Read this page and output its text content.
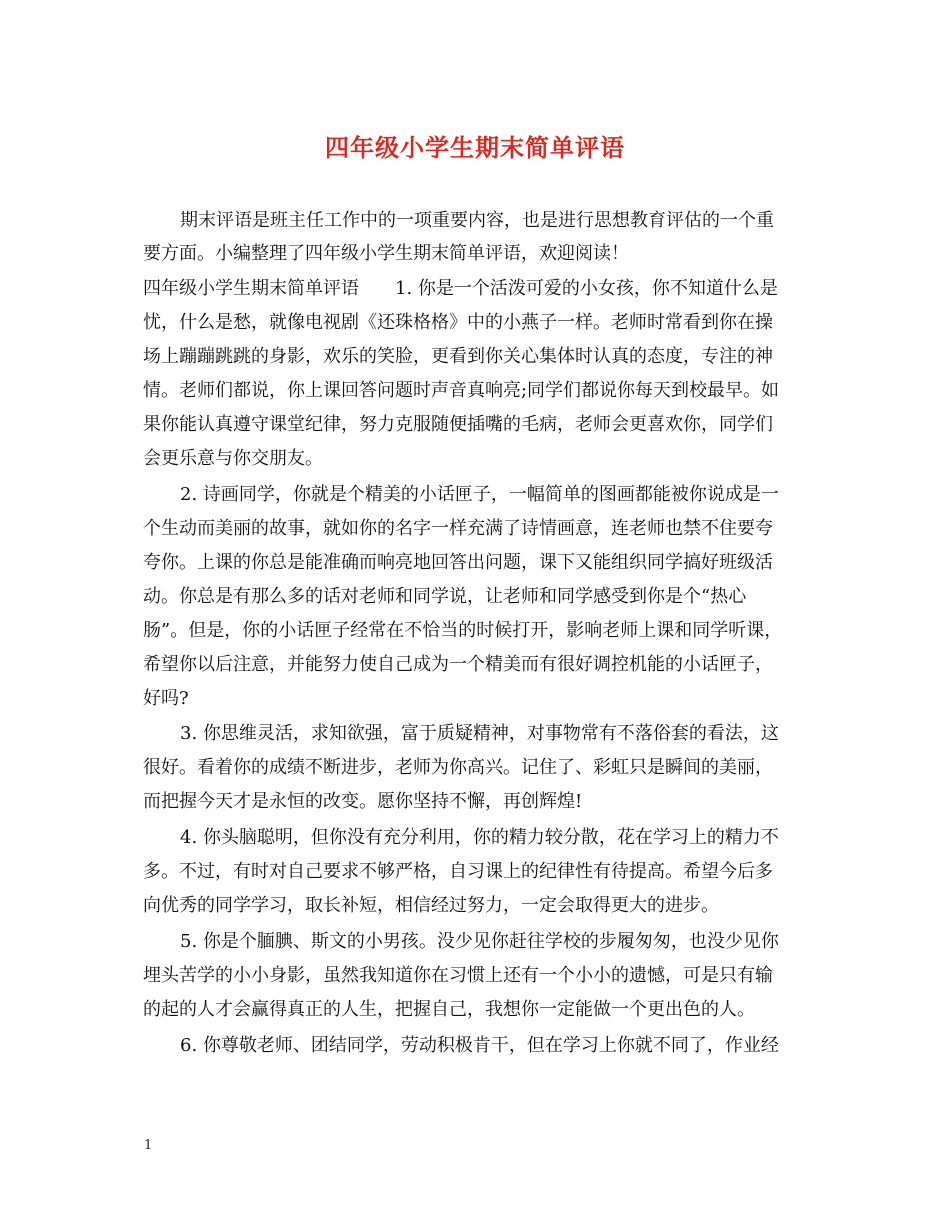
四年级小学生期末简单评语
期末评语是班主任工作中的一项重要内容，也是进行思想教育评估的一个重
要方面。小编整理了四年级小学生期末简单评语，欢迎阅读！
四年级小学生期末简单评语　　1. 你是一个活泼可爱的小女孩，你不知道什么是
忧，什么是愁，就像电视剧《还珠格格》中的小燕子一样。老师时常看到你在操
场上蹦蹦跳跳的身影，欢乐的笑脸，更看到你关心集体时认真的态度，专注的神
情。老师们都说，你上课回答问题时声音真响亮;同学们都说你每天到校最早。如
果你能认真遵守课堂纪律，努力克服随便插嘴的毛病，老师会更喜欢你，同学们
会更乐意与你交朋友。
2. 诗画同学，你就是个精美的小话匣子，一幅简单的图画都能被你说成是一
个生动而美丽的故事，就如你的名字一样充满了诗情画意，连老师也禁不住要夸
夸你。上课的你总是能准确而响亮地回答出问题，课下又能组织同学搞好班级活
动。你总是有那么多的话对老师和同学说，让老师和同学感受到你是个“热心
肠”。但是，你的小话匣子经常在不恰当的时候打开，影响老师上课和同学听课，
希望你以后注意，并能努力使自己成为一个精美而有很好调控机能的小话匣子，
好吗?
3. 你思维灵活，求知欲强，富于质疑精神，对事物常有不落俗套的看法，这
很好。看着你的成绩不断进步，老师为你高兴。记住了、彩虹只是瞬间的美丽，
而把握今天才是永恒的改变。愿你坚持不懈，再创辉煌!
4. 你头脑聪明，但你没有充分利用，你的精力较分散，花在学习上的精力不
多。不过，有时对自己要求不够严格，自习课上的纪律性有待提高。希望今后多
向优秀的同学学习，取长补短，相信经过努力，一定会取得更大的进步。
5. 你是个腼腆、斯文的小男孩。没少见你赶往学校的步履匆匆，也没少见你
埋头苦学的小小身影，虽然我知道你在习惯上还有一个小小的遗憾，可是只有输
的起的人才会赢得真正的人生，把握自己，我想你一定能做一个更出色的人。
6. 你尊敬老师、团结同学，劳动积极肯干，但在学习上你就不同了，作业经
1
